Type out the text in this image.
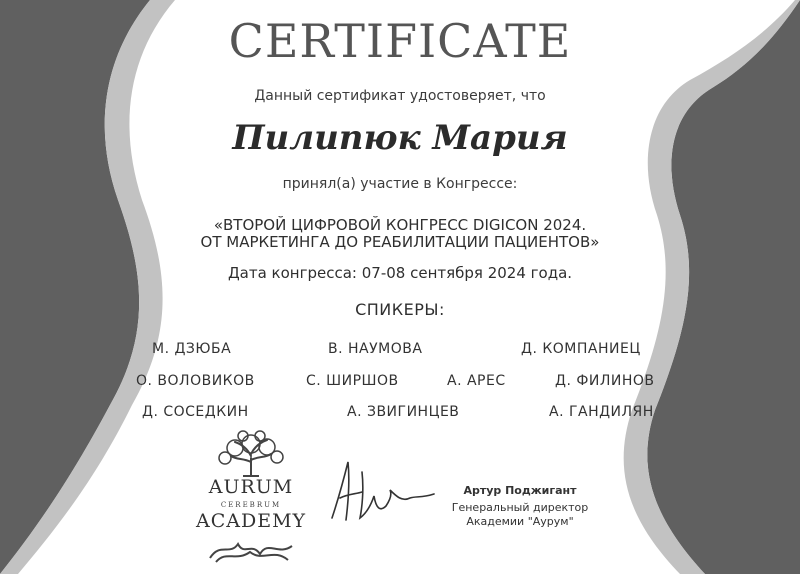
CERTIFICATE
Данный сертификат удостоверяет, что
Пилипюк Мария
принял(а) участие в Конгрессе:
«ВТОРОЙ ЦИФРОВОЙ КОНГРЕСС DIGICON 2024.
ОТ МАРКЕТИНГА ДО РЕАБИЛИТАЦИИ ПАЦИЕНТОВ»
Дата конгресса: 07-08 сентября 2024 года.
СПИКЕРЫ:
М. ДЗЮБА	В. НАУМОВА	Д. КОМПАНИЕЦ
О. ВОЛОВИКОВ	С. ШИРШОВ	А. АРЕС	Д. ФИЛИНОВ
Д. СОСЕДКИН	А. ЗВИГИНЦЕВ	А. ГАНДИЛЯН
AURUM
CEREBRUM
ACADEMY
Артур Поджигант
Генеральный директор
Академии "Аурум"
